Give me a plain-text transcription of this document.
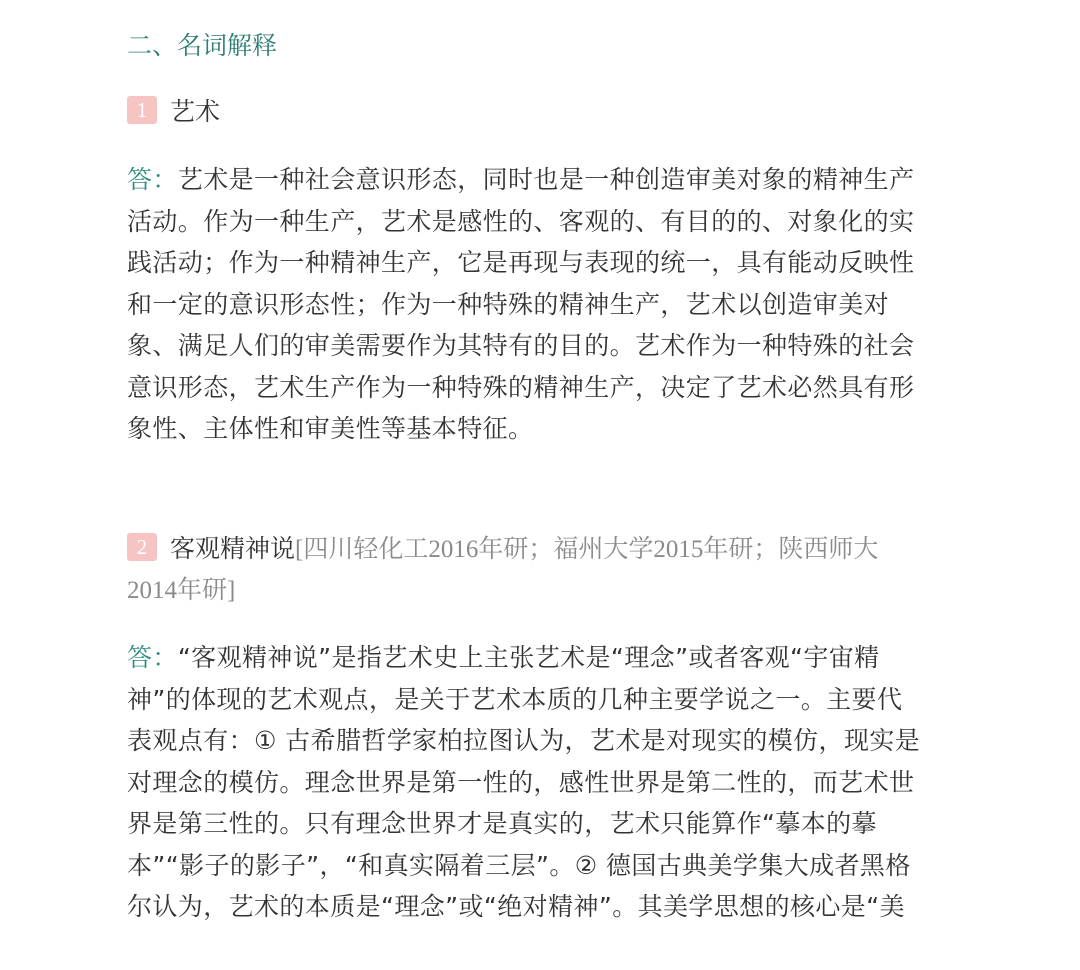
二、名词解释
1 艺术
答：艺术是一种社会意识形态，同时也是一种创造审美对象的精神生产
活动。作为一种生产，艺术是感性的、客观的、有目的的、对象化的实
践活动；作为一种精神生产，它是再现与表现的统一，具有能动反映性
和一定的意识形态性；作为一种特殊的精神生产，艺术以创造审美对
象、满足人们的审美需要作为其特有的目的。艺术作为一种特殊的社会
意识形态，艺术生产作为一种特殊的精神生产，决定了艺术必然具有形
象性、主体性和审美性等基本特征。
2 客观精神说[四川轻化工2016年研；福州大学2015年研；陕西师大
2014年研]
答：“客观精神说”是指艺术史上主张艺术是“理念”或者客观“宇宙精
神”的体现的艺术观点，是关于艺术本质的几种主要学说之一。主要代
表观点有：① 古希腊哲学家柏拉图认为，艺术是对现实的模仿，现实是
对理念的模仿。理念世界是第一性的，感性世界是第二性的，而艺术世
界是第三性的。只有理念世界才是真实的，艺术只能算作“摹本的摹
本”“影子的影子”，“和真实隔着三层”。② 德国古典美学集大成者黑格
尔认为，艺术的本质是“理念”或“绝对精神”。其美学思想的核心是“美
